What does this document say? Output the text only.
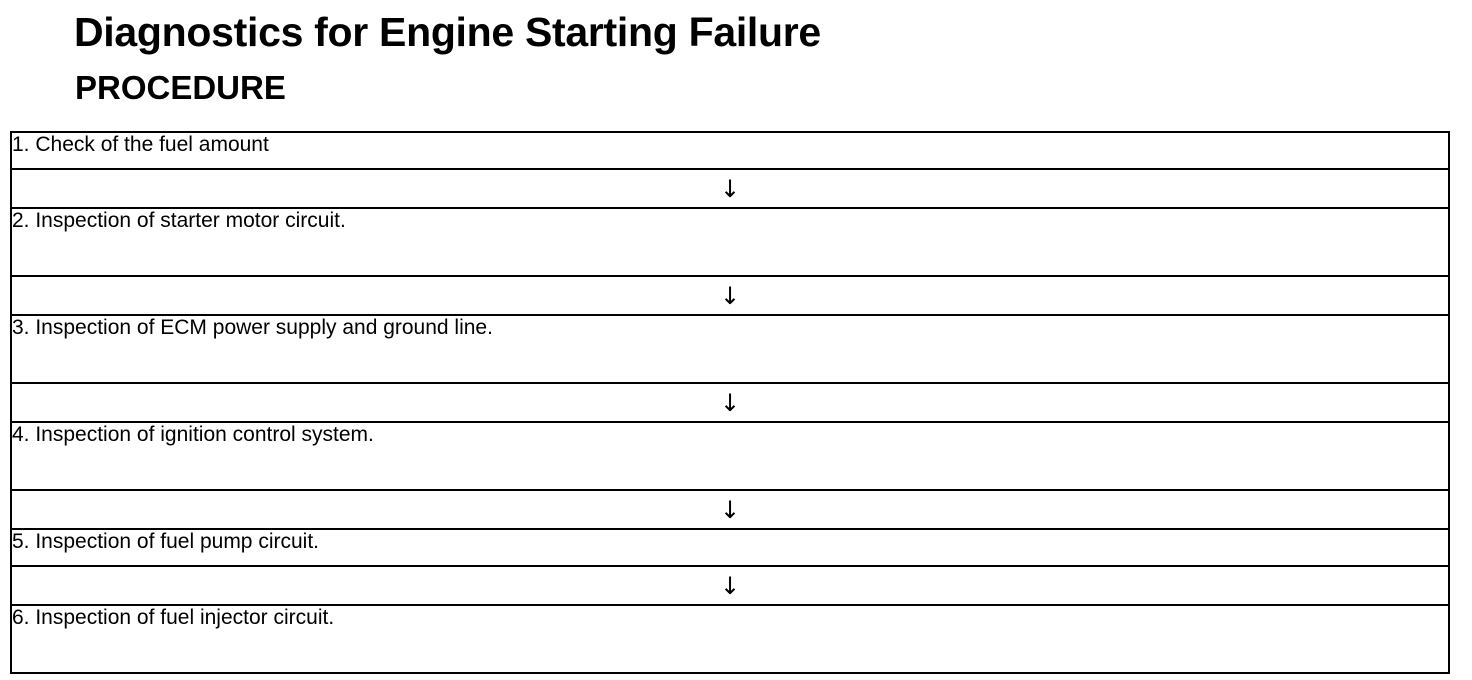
Diagnostics for Engine Starting Failure
PROCEDURE
1. Check of the fuel amount
↓
2. Inspection of starter motor circuit.
↓
3. Inspection of ECM power supply and ground line.
↓
4. Inspection of ignition control system.
↓
5. Inspection of fuel pump circuit.
↓
6. Inspection of fuel injector circuit.
